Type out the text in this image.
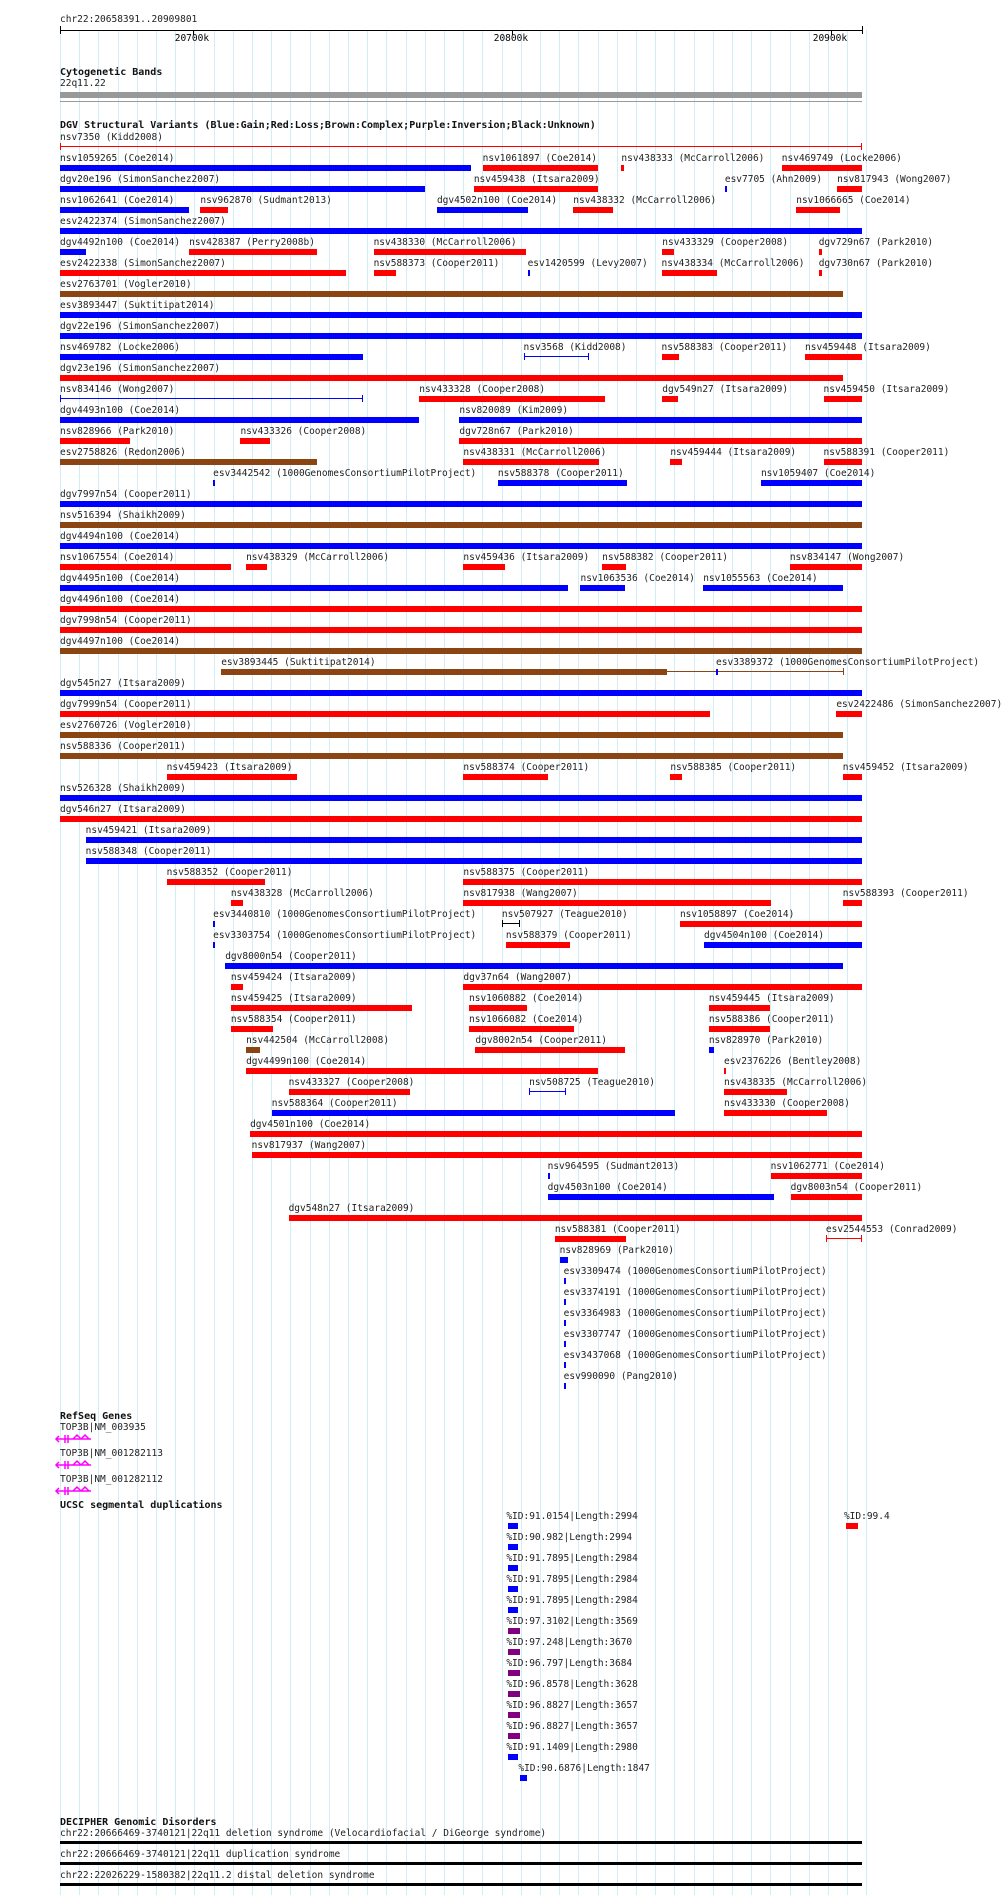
chr22:20658391..20909801
20700k	20800k	20900k
Cytogenetic Bands
22q11.22
DGV Structural Variants (Blue:Gain;Red:Loss;Brown:Complex;Purple:Inversion;Black:Unknown)
nsv7350 (Kidd2008)
nsv1059265 (Coe2014)
nsv459438 (Itsara2009)
nsv438333 (McCarroll2006) nsv469749 (Locke2006)
dgv20e196 (SimonSanchez2007)
dgv4502n100 (Coe2014) nsv438332 (McCarroll2006)
esv7705 (Ahn2009) nsv817943 (Wong2007)
esv2422374 (SimonSanchez2007)
nsv1062641 (Coe2014)
nsv428387 (Perry2008b)	nsv438330 (McCarroll2006)
esv1420599 (Levy2007)
nsv433329 (Cooper2008)
nsv1066665 (Coe2014)
esv2763701 (Vogler2010)
esv3893447 (Suktitipat2014)
dgv22e196 (SimonSanchez2007)
esv2422338 (SimonSanchez2007)	nsv588373 (Cooper2011)
nsv3568 (Kidd2008)
nsv438334 (McCarroll2006)
dgv729n67 (Park2010)
dgv23e196 (SimonSanchez2007)
nsv469782 (Locke2006)
nsv433328 (Cooper2008)
nsv588383 (Cooper2011) nsv459448 (Itsara2009)
nsv834146 (Wong2007)
nsv820089 (Kim2009)
dgv4492n100 (Coe2014)
nsv962870 (Sudmant2013)
dgv728n67 (Park2010)
dgv4493n100 (Coe2014)
nsv438331 (McCarroll2006)
dgv549n27 (Itsara2009)
dgv730n67 (Park2010)
nsv828966 (Park2010)
esv3442542 (1000GenomesConsortiumPilotProject) nsv588378 (Cooper2011)
nsv459444 (Itsara2009)
nsv459450 (Itsara2009)
dgv7997n54 (Cooper2011)
nsv516394 (Shaikh2009)
dgv4494n100 (Coe2014)
esv2758826 (Redon2006)
nsv459436 (Itsara2009) nsv588382 (Cooper2011)
nsv1059407 (Coe2014)
dgv4495n100 (Coe2014)	nsv1063536 (Coe2014) nsv1055563 (Coe2014)
dgv4496n100 (Coe2014)
dgv7998n54 (Cooper2011)
dgv4497n100 (Coe2014)
esv3893445 (Suktitipat2014)
dgv545n27 (Itsara2009)
dgv7999n54 (Cooper2011)
esv3389372 (1000GenomesConsortiumPilotProject)
esv2760726 (Vogler2010)
nsv588336 (Cooper2011)
nsv1067554 (Coe2014)
nsv433326 (Cooper2008)
nsv588374 (Cooper2011)	nsv588385 (Cooper2011)
nsv588391 (Cooper2011)
nsv526328 (Shaikh2009)
dgv546n27 (Itsara2009)
nsv459421 (Itsara2009)
nsv588348 (Cooper2011)
nsv459423 (Itsara2009)
nsv588375 (Cooper2011)
nsv588352 (Cooper2011)
nsv817938 (Wang2007)
nsv834147 (Wong2007)
esv3440810 (1000GenomesConsortiumPilotProject)	nsv507927 (Teague2010)	nsv1058897 (Coe2014)
esv3303754 (1000GenomesConsortiumPilotProject)	nsv588379 (Cooper2011)	dgv4504n100 (Coe2014)
dgv8000n54 (Cooper2011)
nsv438328 (McCarroll2006)
dgv37n64 (Wang2007)
nsv459424 (Itsara2009)
nsv1060882 (Coe2014)	nsv459445 (Itsara2009)
esv2422486 (SimonSanchez2007)
nsv459425 (Itsara2009)
nsv1066082 (Coe2014)	nsv588386 (Cooper2011)
nsv459452 (Itsara2009)
nsv588354 (Cooper2011)
dgv8002n54 (Cooper2011)	nsv828970 (Park2010)
nsv588393 (Cooper2011)
nsv438329 (McCarroll2006)
nsv1061897 (Coe2014)
esv2376226 (Bentley2008)
dgv4499n100 (Coe2014)
nsv438335 (McCarroll2006)
nsv442504 (McCarroll2008)
nsv508725 (Teague2010)
nsv433330 (Cooper2008)
dgv4501n100 (Coe2014)
nsv817937 (Wang2007)
nsv588364 (Cooper2011)
nsv1062771 (Coe2014)
nsv433327 (Cooper2008)
dgv4503n100 (Coe2014)
dgv548n27 (Itsara2009)
nsv964595 (Sudmant2013)
dgv8003n54 (Cooper2011)
nsv588381 (Cooper2011)	esv2544553 (Conrad2009)
nsv828969 (Park2010)
esv3309474 (1000GenomesConsortiumPilotProject)
esv3374191 (1000GenomesConsortiumPilotProject)
esv3364983 (1000GenomesConsortiumPilotProject)
esv3307747 (1000GenomesConsortiumPilotProject)
esv3437068 (1000GenomesConsortiumPilotProject)
esv990090 (Pang2010)
RefSeq Genes
TOP3B|NM_003935
TOP3B|NM_001282113
TOP3B|NM_001282112
UCSC segmental duplications
%ID:91.0154|Length:2994	%ID:99.4
%ID:90.982|Length:2994
%ID:91.7895|Length:2984
%ID:91.7895|Length:2984
%ID:91.7895|Length:2984
%ID:97.3102|Length:3569
%ID:97.248|Length:3670
%ID:96.797|Length:3684
%ID:96.8578|Length:3628
%ID:96.8827|Length:3657
%ID:96.8827|Length:3657
%ID:91.1409|Length:2980
%ID:90.6876|Length:1847
DECIPHER Genomic Disorders
chr22:20666469-3740121|22q11 deletion syndrome (Velocardiofacial / DiGeorge syndrome)
chr22:20666469-3740121|22q11 duplication syndrome
chr22:22026229-1580382|22q11.2 distal deletion syndrome
